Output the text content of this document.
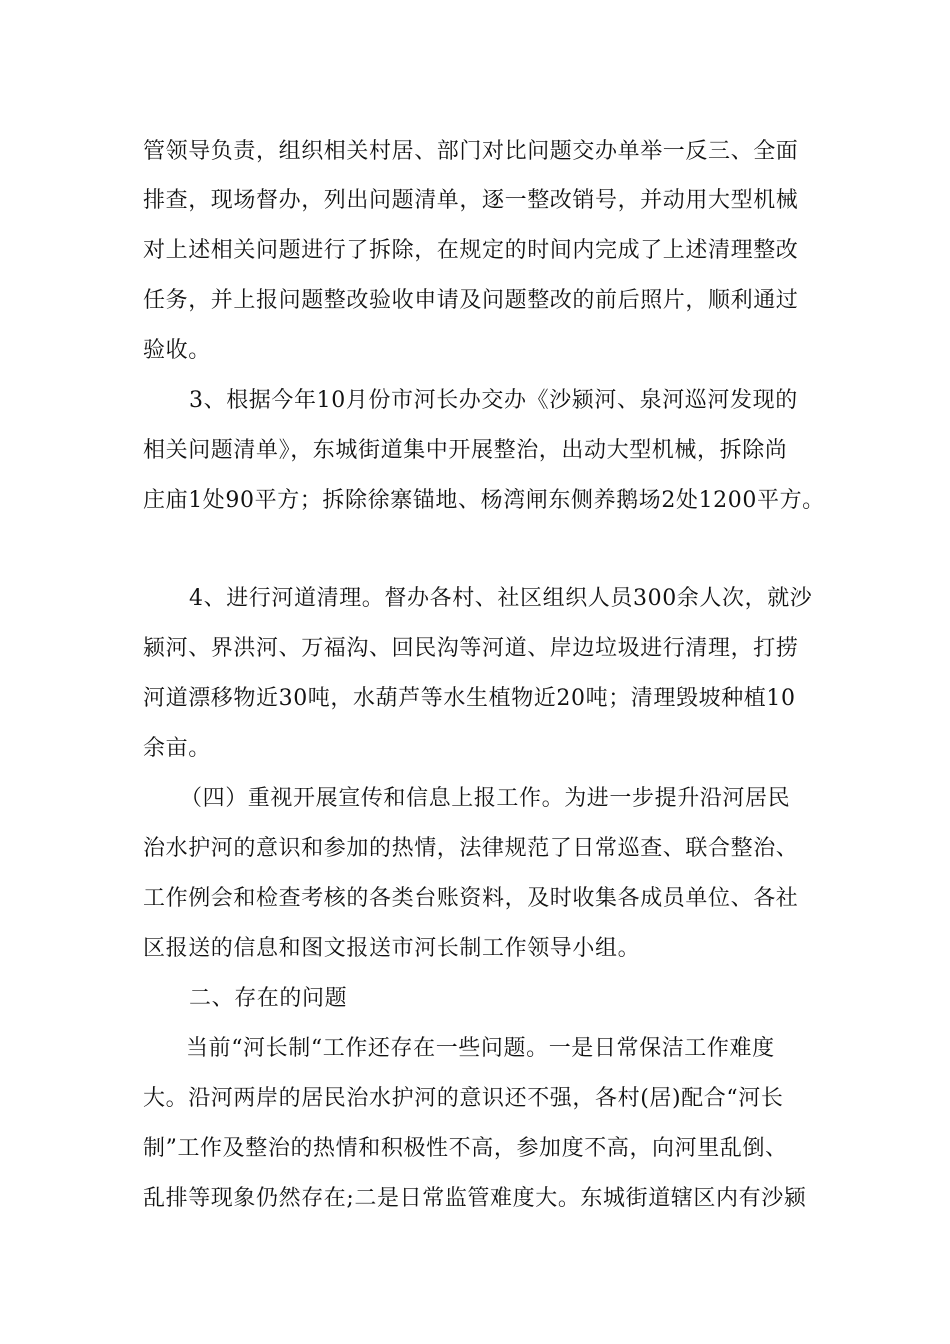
管领导负责，组织相关村居、部门对比问题交办单举一反三、全面
排查，现场督办，列出问题清单，逐一整改销号，并动用大型机械
对上述相关问题进行了拆除，在规定的时间内完成了上述清理整改
任务，并上报问题整改验收申请及问题整改的前后照片，顺利通过
验收。
3、根据今年10月份市河长办交办《沙颍河、泉河巡河发现的
相关问题清单》，东城街道集中开展整治，出动大型机械，拆除尚
庄庙1处90平方；拆除徐寨锚地、杨湾闸东侧养鹅场2处1200平方。
4、进行河道清理。督办各村、社区组织人员300余人次，就沙
颍河、界洪河、万福沟、回民沟等河道、岸边垃圾进行清理，打捞
河道漂移物近30吨，水葫芦等水生植物近20吨；清理毁坡种植10
余亩。
（四）重视开展宣传和信息上报工作。为进一步提升沿河居民
治水护河的意识和参加的热情，法律规范了日常巡查、联合整治、
工作例会和检查考核的各类台账资料，及时收集各成员单位、各社
区报送的信息和图文报送市河长制工作领导小组。
二、存在的问题
当前“河长制“工作还存在一些问题。一是日常保洁工作难度
大。沿河两岸的居民治水护河的意识还不强，各村(居)配合“河长
制”工作及整治的热情和积极性不高，参加度不高，向河里乱倒、
乱排等现象仍然存在;二是日常监管难度大。东城街道辖区内有沙颍
